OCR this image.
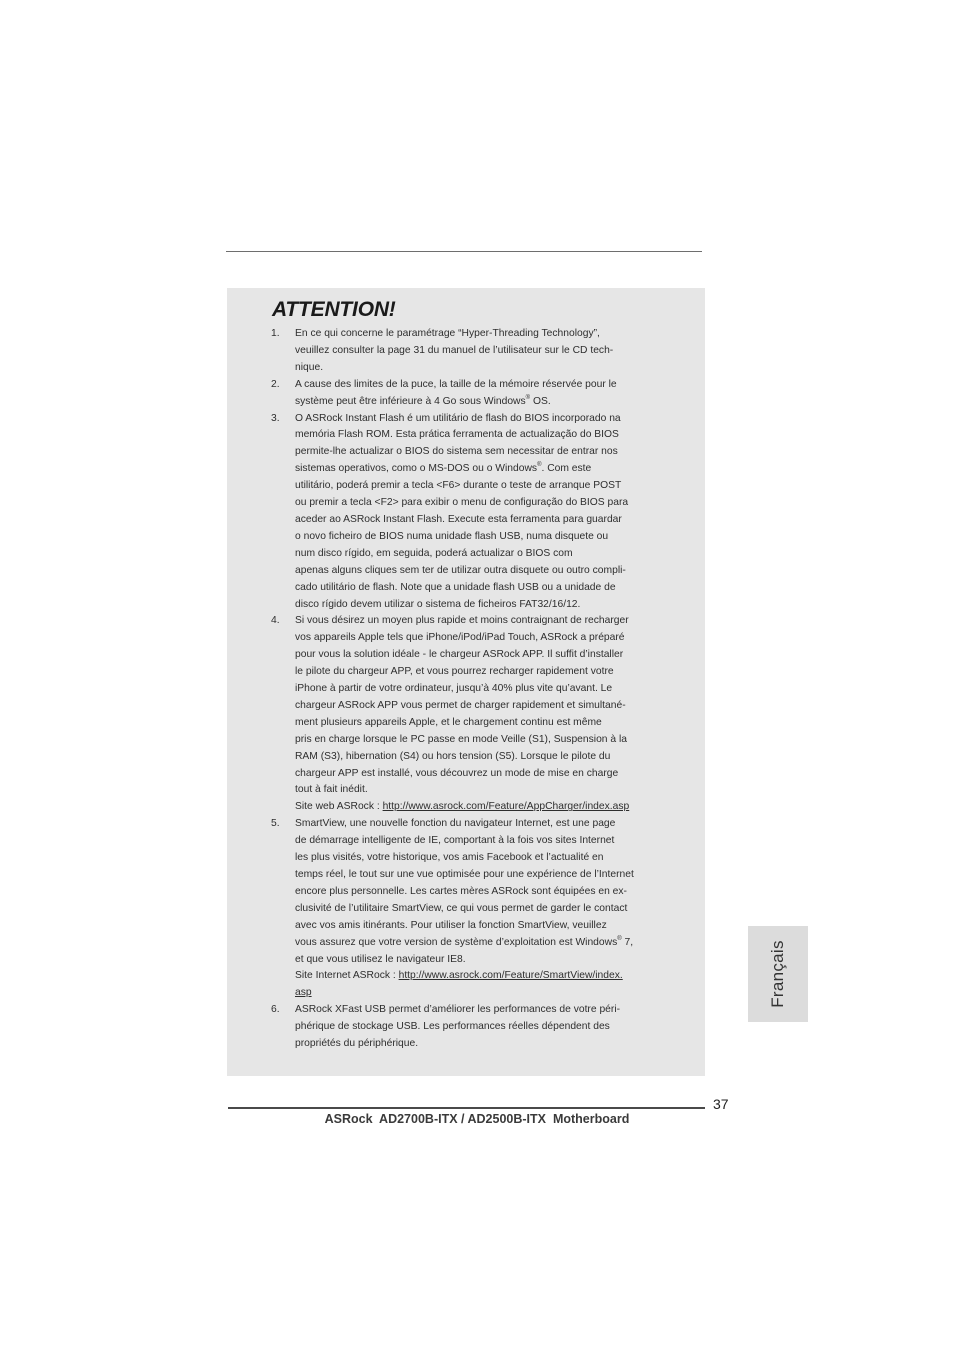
ATTENTION!
1. En ce qui concerne le paramétrage “Hyper-Threading Technology”,
veuillez consulter la page 31 du manuel de l’utilisateur sur le CD tech-
nique.
2. A cause des limites de la puce, la taille de la mémoire réservée pour le
système peut être inférieure à 4 Go sous Windows® OS.
3. O ASRock Instant Flash é um utilitário de flash do BIOS incorporado na
memória Flash ROM. Esta prática ferramenta de actualização do BIOS
permite-lhe actualizar o BIOS do sistema sem necessitar de entrar nos
sistemas operativos, como o MS-DOS ou o Windows®. Com este
utilitário, poderá premir a tecla <F6> durante o teste de arranque POST
ou premir a tecla <F2> para exibir o menu de configuração do BIOS para
aceder ao ASRock Instant Flash. Execute esta ferramenta para guardar
o novo ficheiro de BIOS numa unidade flash USB, numa disquete ou
num disco rígido, em seguida, poderá actualizar o BIOS com
apenas alguns cliques sem ter de utilizar outra disquete ou outro compli-
cado utilitário de flash. Note que a unidade flash USB ou a unidade de
disco rígido devem utilizar o sistema de ficheiros FAT32/16/12.
4. Si vous désirez un moyen plus rapide et moins contraignant de recharger
vos appareils Apple tels que iPhone/iPod/iPad Touch, ASRock a préparé
pour vous la solution idéale - le chargeur ASRock APP. Il suffit d’installer
le pilote du chargeur APP, et vous pourrez recharger rapidement votre
iPhone à partir de votre ordinateur, jusqu’à 40% plus vite qu’avant. Le
chargeur ASRock APP vous permet de charger rapidement et simultané-
ment plusieurs appareils Apple, et le chargement continu est même
pris en charge lorsque le PC passe en mode Veille (S1), Suspension à la
RAM (S3), hibernation (S4) ou hors tension (S5). Lorsque le pilote du
chargeur APP est installé, vous découvrez un mode de mise en charge
tout à fait inédit.
Site web ASRock : http://www.asrock.com/Feature/AppCharger/index.asp
5. SmartView, une nouvelle fonction du navigateur Internet, est une page
de démarrage intelligente de IE, comportant à la fois vos sites Internet
les plus visités, votre historique, vos amis Facebook et l’actualité en
temps réel, le tout sur une vue optimisée pour une expérience de l’Internet
encore plus personnelle. Les cartes mères ASRock sont équipées en ex-
clusivité de l’utilitaire SmartView, ce qui vous permet de garder le contact
avec vos amis itinérants. Pour utiliser la fonction SmartView, veuillez
vous assurez que votre version de système d’exploitation est Windows® 7,
et que vous utilisez le navigateur IE8.
Site Internet ASRock : http://www.asrock.com/Feature/SmartView/index.
asp
6. ASRock XFast USB permet d’améliorer les performances de votre péri-
phérique de stockage USB. Les performances réelles dépendent des
propriétés du périphérique.
Français
37
ASRock  AD2700B-ITX / AD2500B-ITX  Motherboard
